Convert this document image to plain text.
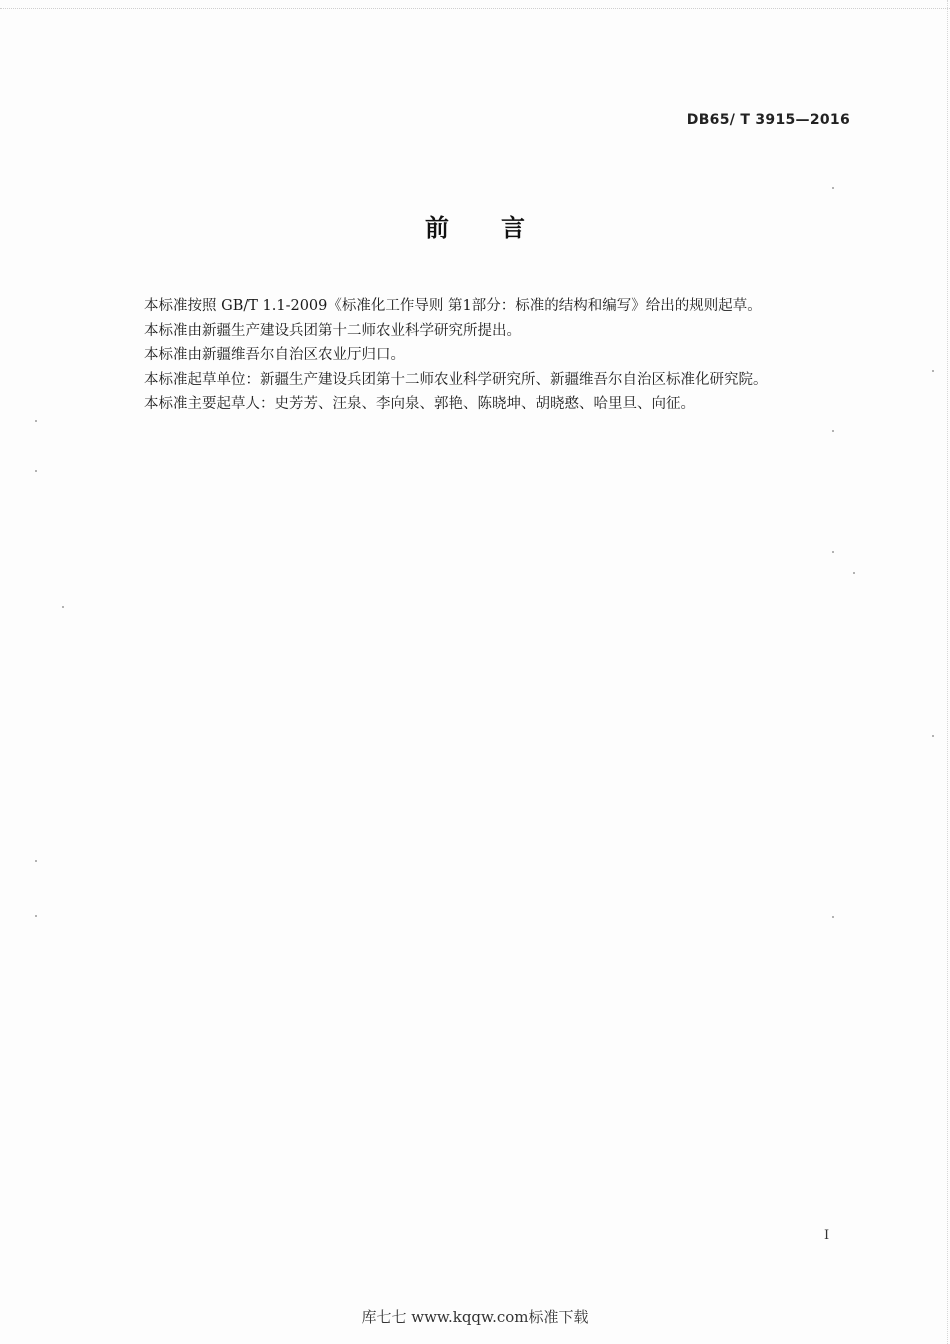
DB65/ T 3915—2016
前言

本标准按照 GB/T 1.1-2009《标准化工作导则 第1部分：标准的结构和编写》给出的规则起草。

本标准由新疆生产建设兵团第十二师农业科学研究所提出。

本标准由新疆维吾尔自治区农业厅归口。

本标准起草单位：新疆生产建设兵团第十二师农业科学研究所、新疆维吾尔自治区标准化研究院。

本标准主要起草人：史芳芳、汪泉、李向泉、郭艳、陈晓坤、胡晓憨、哈里旦、向征。

I
库七七 www.kqqw.com标准下载
